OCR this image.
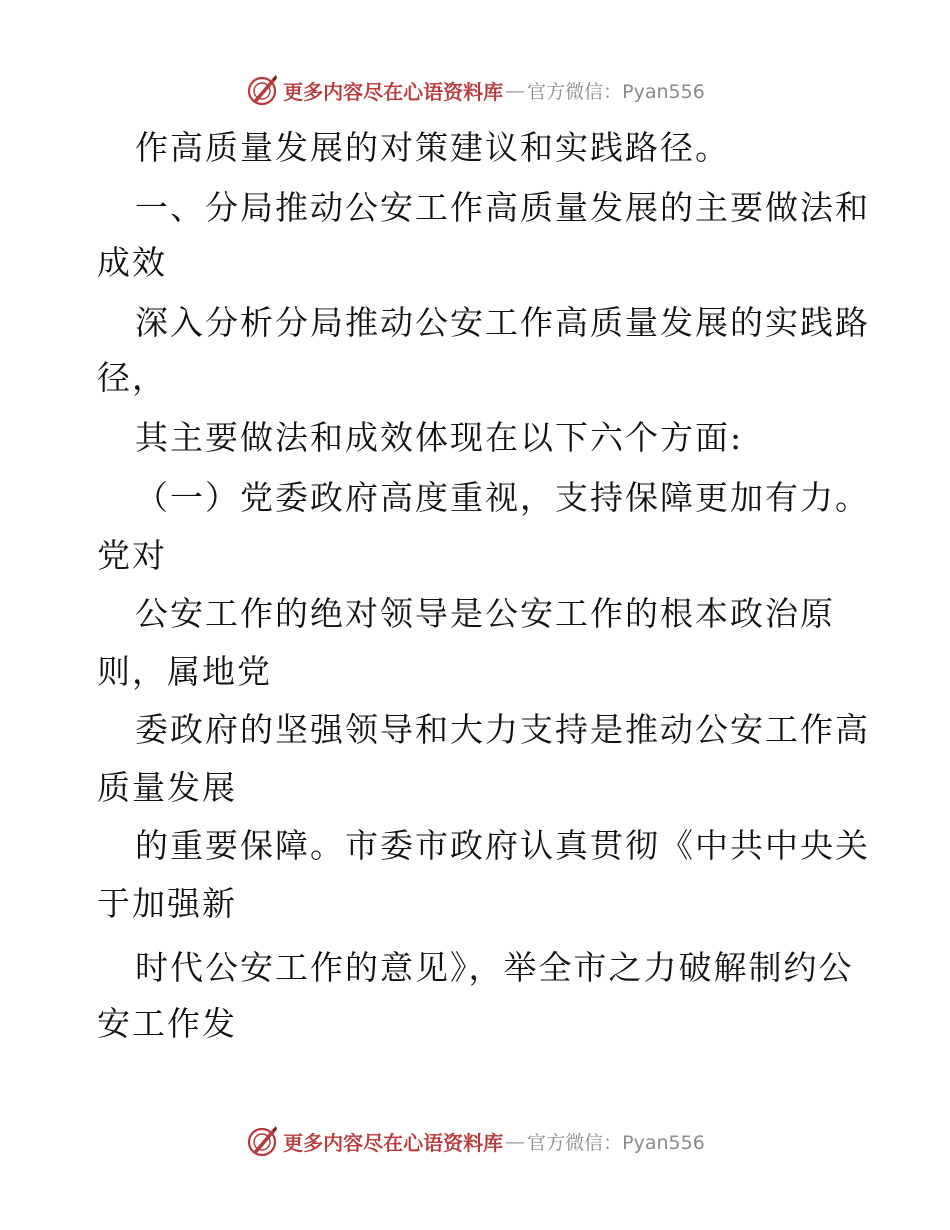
更多内容尽在心语资料库 — 官方微信：Pyan556
作高质量发展的对策建议和实践路径。
一、分局推动公安工作高质量发展的主要做法和
成效
深入分析分局推动公安工作高质量发展的实践路
径，
其主要做法和成效体现在以下六个方面:
（一）党委政府高度重视，支持保障更加有力。
党对
公安工作的绝对领导是公安工作的根本政治原
则，属地党
委政府的坚强领导和大力支持是推动公安工作高
质量发展
的重要保障。市委市政府认真贯彻《中共中央关
于加强新
时代公安工作的意见》，举全市之力破解制约公
安工作发
更多内容尽在心语资料库 — 官方微信：Pyan556
